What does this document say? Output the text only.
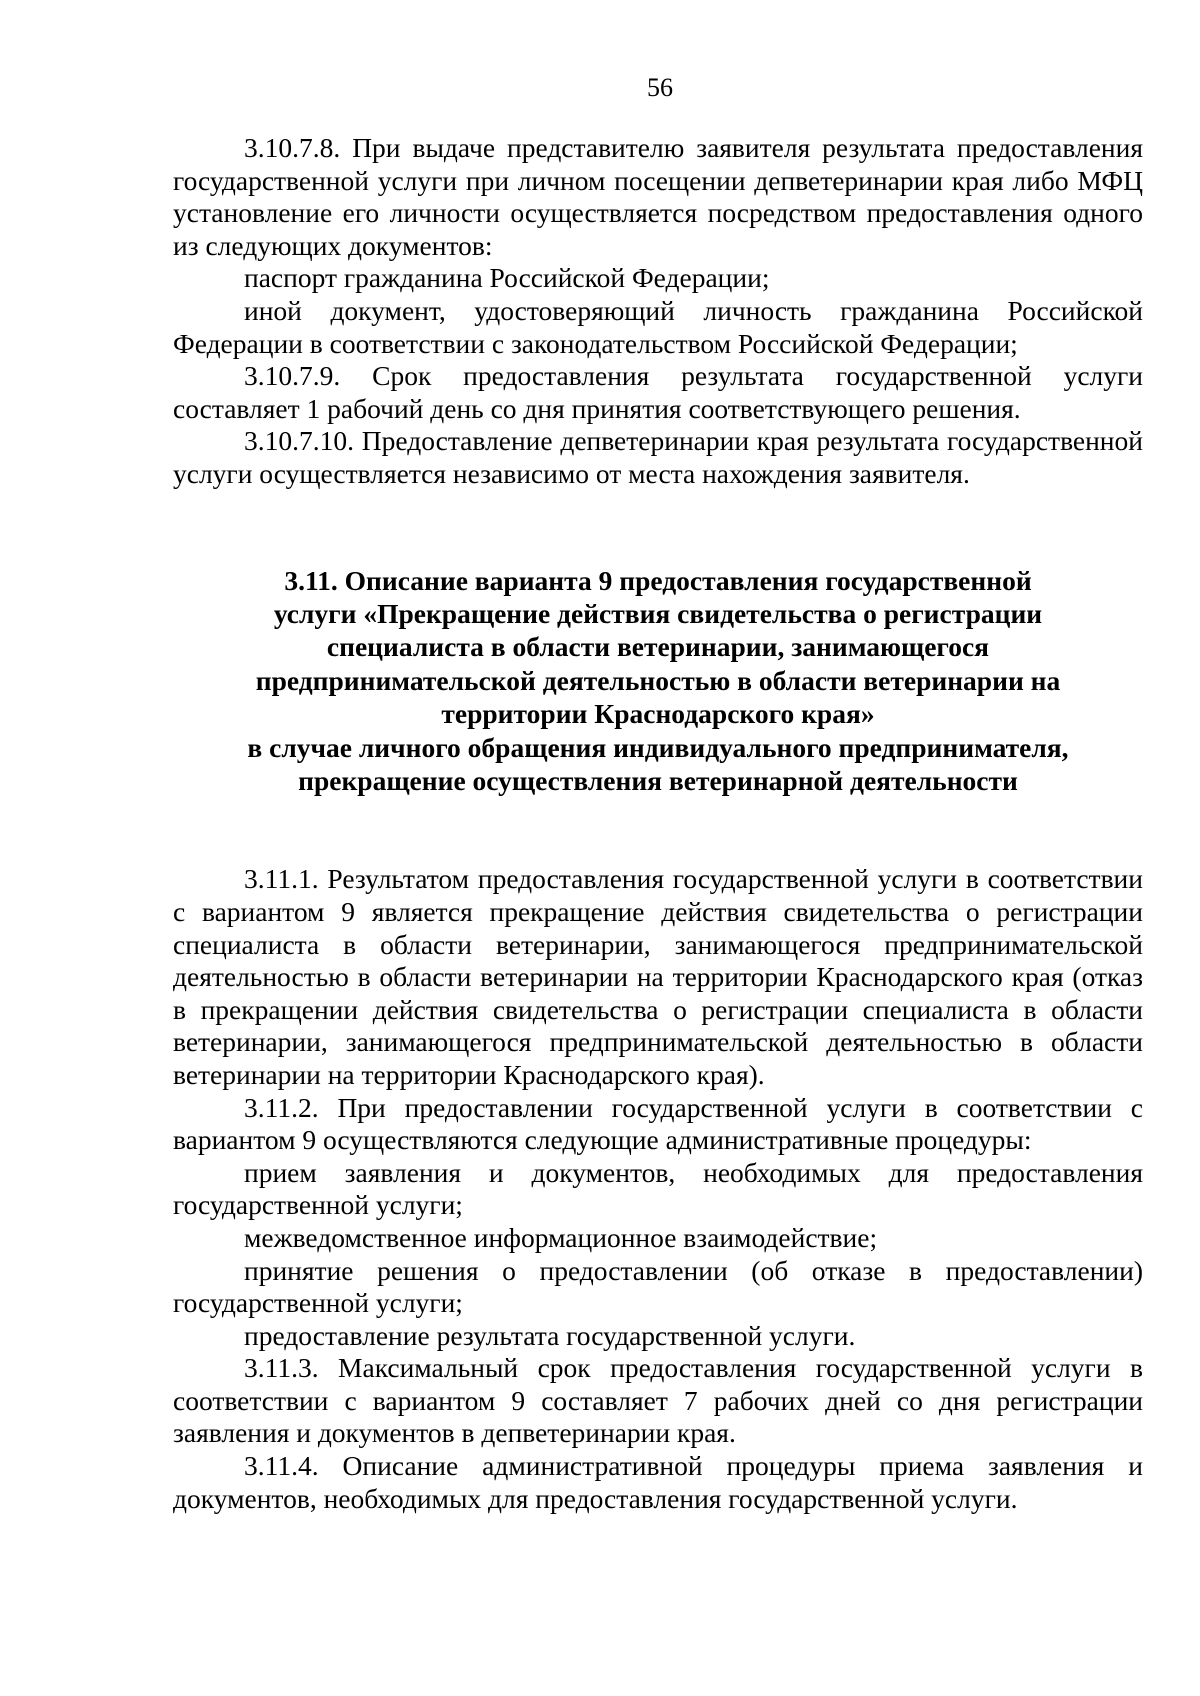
56

3.10.7.8. При выдаче представителю заявителя результата предоставления государственной услуги при личном посещении депветеринарии края либо МФЦ установление его личности осуществляется посредством предоставления одного из следующих документов:

паспорт гражданина Российской Федерации;

иной документ, удостоверяющий личность гражданина Российской Федерации в соответствии с законодательством Российской Федерации;

3.10.7.9. Срок предоставления результата государственной услуги составляет 1 рабочий день со дня принятия соответствующего решения.

3.10.7.10. Предоставление депветеринарии края результата государственной услуги осуществляется независимо от места нахождения заявителя.

3.11. Описание варианта 9 предоставления государственной

услуги «Прекращение действия свидетельства о регистрации

специалиста в области ветеринарии, занимающегося

предпринимательской деятельностью в области ветеринарии на

территории Краснодарского края»

в случае личного обращения индивидуального предпринимателя,

прекращение осуществления ветеринарной деятельности

3.11.1. Результатом предоставления государственной услуги в соответствии с вариантом 9 является прекращение действия свидетельства о регистрации специалиста в области ветеринарии, занимающегося предпринимательской деятельностью в области ветеринарии на территории Краснодарского края (отказ в прекращении действия свидетельства о регистрации специалиста в области ветеринарии, занимающегося предпринимательской деятельностью в области ветеринарии на территории Краснодарского края).

3.11.2. При предоставлении государственной услуги в соответствии с вариантом 9 осуществляются следующие административные процедуры:

прием заявления и документов, необходимых для предоставления государственной услуги;

межведомственное информационное взаимодействие;

принятие решения о предоставлении (об отказе в предоставлении) государственной услуги;

предоставление результата государственной услуги.

3.11.3. Максимальный срок предоставления государственной услуги в соответствии с вариантом 9 составляет 7 рабочих дней со дня регистрации заявления и документов в депветеринарии края.

3.11.4. Описание административной процедуры приема заявления и документов, необходимых для предоставления государственной услуги.
